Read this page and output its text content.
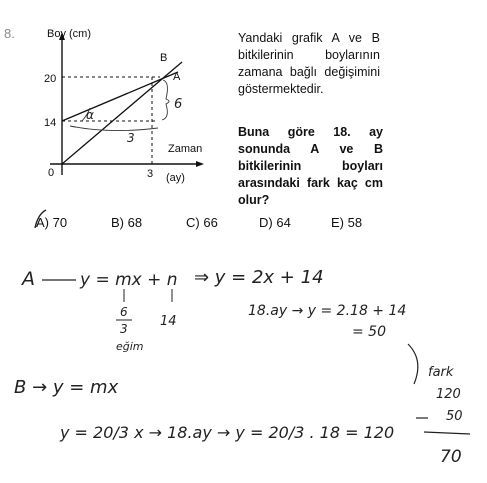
8.	Boy (cm)
Zaman
(ay)
0
20
14
3
B
A
α
3
6
Yandaki grafik A ve B bitkilerinin boylarının zamana bağlı değişimini göstermektedir.
Buna göre 18. ay sonunda A ve B bitkilerinin boyları arasındaki fark kaç cm olur?
A) 70	B) 68	C) 66	D) 64	E) 58
A	y = mx + n ⇒ y = 2x + 14
6
3
eğim
14
18.ay → y = 2.18 + 14
= 50
fark
120
50
70
B → y = mx
y = 20/3 x → 18.ay → y = 20/3 . 18 = 120
